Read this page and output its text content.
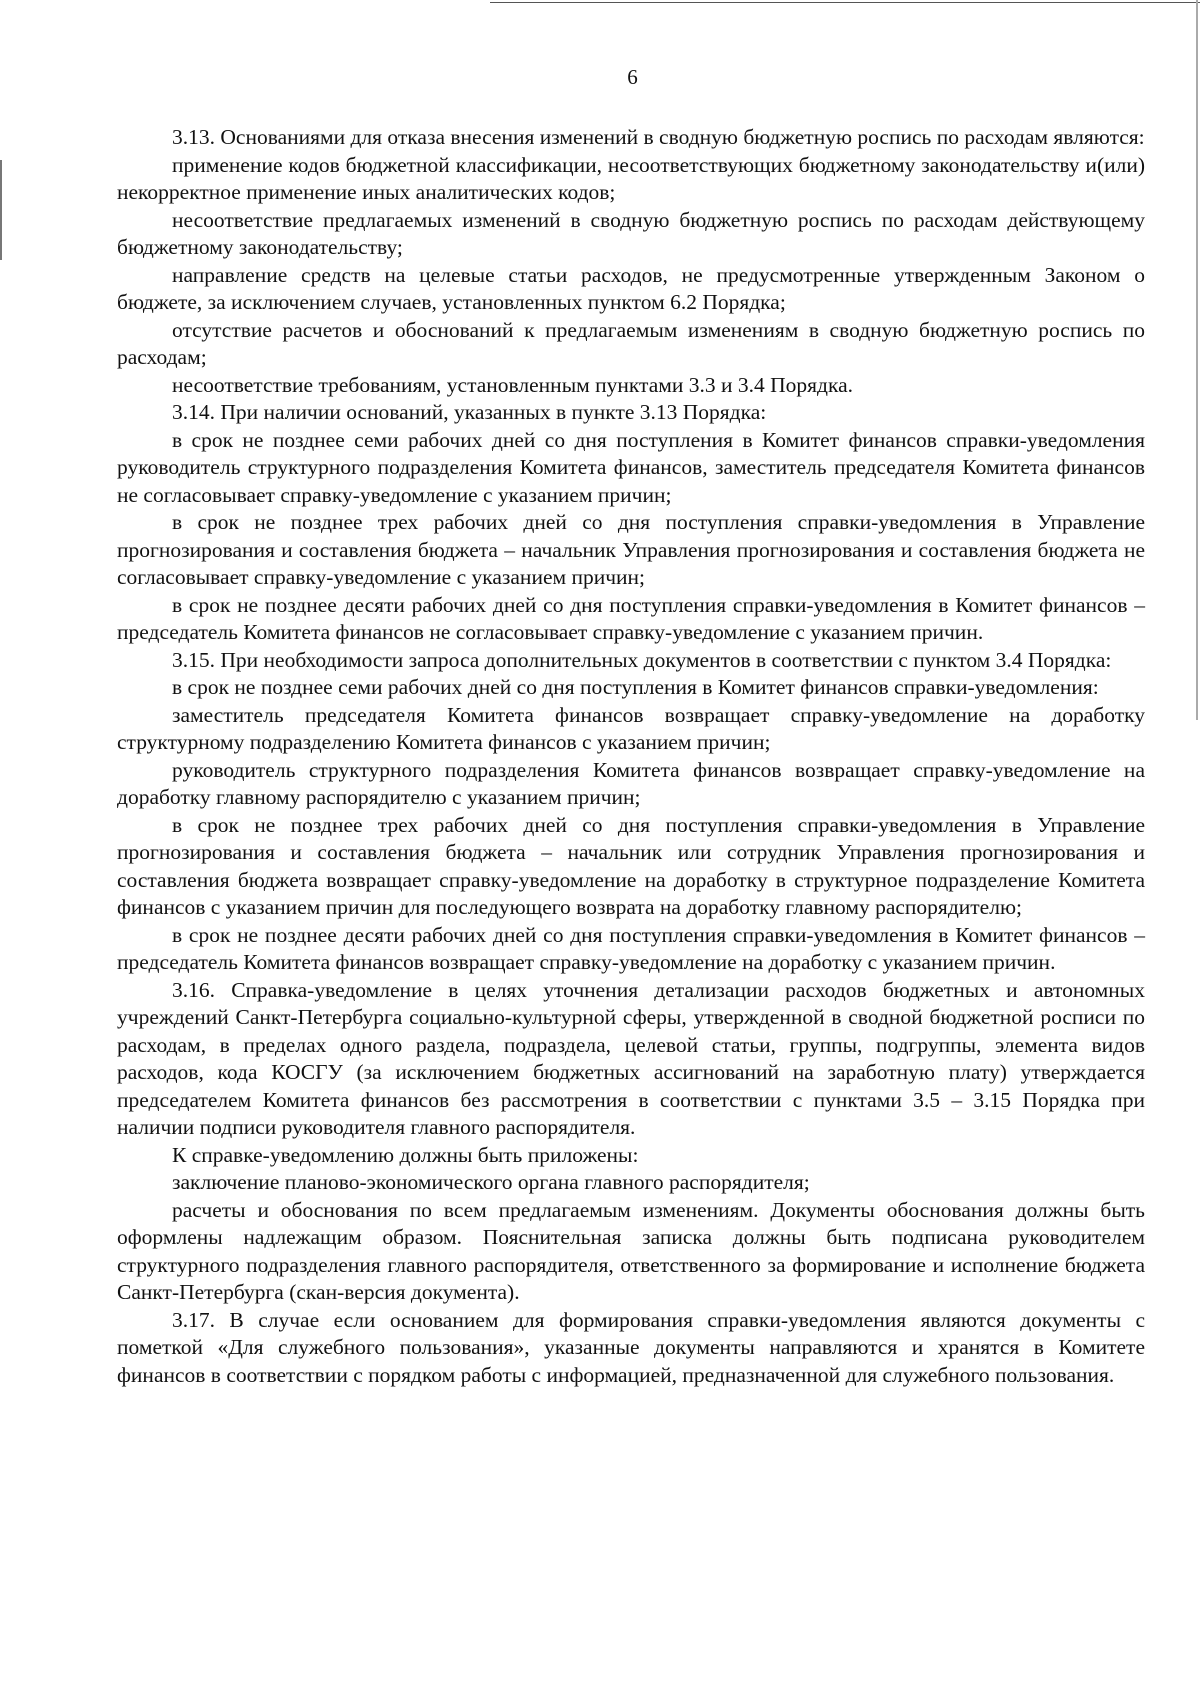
6

3.13. Основаниями для отказа внесения изменений в сводную бюджетную роспись по расходам являются:

применение кодов бюджетной классификации, несоответствующих бюджетному законодательству и(или) некорректное применение иных аналитических кодов;

несоответствие предлагаемых изменений в сводную бюджетную роспись по расходам действующему бюджетному законодательству;

направление средств на целевые статьи расходов, не предусмотренные утвержденным Законом о бюджете, за исключением случаев, установленных пунктом 6.2 Порядка;

отсутствие расчетов и обоснований к предлагаемым изменениям в сводную бюджетную роспись по расходам;

несоответствие требованиям, установленным пунктами 3.3 и 3.4 Порядка.

3.14. При наличии оснований, указанных в пункте 3.13 Порядка:

в срок не позднее семи рабочих дней со дня поступления в Комитет финансов справки-уведомления руководитель структурного подразделения Комитета финансов, заместитель председателя Комитета финансов не согласовывает справку-уведомление с указанием причин;

в срок не позднее трех рабочих дней со дня поступления справки-уведомления в Управление прогнозирования и составления бюджета – начальник Управления прогнозирования и составления бюджета не согласовывает справку-уведомление с указанием причин;

в срок не позднее десяти рабочих дней со дня поступления справки-уведомления в Комитет финансов – председатель Комитета финансов не согласовывает справку-уведомление с указанием причин.

3.15. При необходимости запроса дополнительных документов в соответствии с пунктом 3.4 Порядка:

в срок не позднее семи рабочих дней со дня поступления в Комитет финансов справки-уведомления:

заместитель председателя Комитета финансов возвращает справку-уведомление на доработку структурному подразделению Комитета финансов с указанием причин;

руководитель структурного подразделения Комитета финансов возвращает справку-уведомление на доработку главному распорядителю с указанием причин;

в срок не позднее трех рабочих дней со дня поступления справки-уведомления в Управление прогнозирования и составления бюджета – начальник или сотрудник Управления прогнозирования и составления бюджета возвращает справку-уведомление на доработку в структурное подразделение Комитета финансов с указанием причин для последующего возврата на доработку главному распорядителю;

в срок не позднее десяти рабочих дней со дня поступления справки-уведомления в Комитет финансов – председатель Комитета финансов возвращает справку-уведомление на доработку с указанием причин.

3.16. Справка-уведомление в целях уточнения детализации расходов бюджетных и автономных учреждений Санкт-Петербурга социально-культурной сферы, утвержденной в сводной бюджетной росписи по расходам, в пределах одного раздела, подраздела, целевой статьи, группы, подгруппы, элемента видов расходов, кода КОСГУ (за исключением бюджетных ассигнований на заработную плату) утверждается председателем Комитета финансов без рассмотрения в соответствии с пунктами 3.5 – 3.15 Порядка при наличии подписи руководителя главного распорядителя.

К справке-уведомлению должны быть приложены:

заключение планово-экономического органа главного распорядителя;

расчеты и обоснования по всем предлагаемым изменениям. Документы обоснования должны быть оформлены надлежащим образом. Пояснительная записка должны быть подписана руководителем структурного подразделения главного распорядителя, ответственного за формирование и исполнение бюджета Санкт-Петербурга (скан-версия документа).

3.17. В случае если основанием для формирования справки-уведомления являются документы с пометкой «Для служебного пользования», указанные документы направляются и хранятся в Комитете финансов в соответствии с порядком работы с информацией, предназначенной для служебного пользования.
